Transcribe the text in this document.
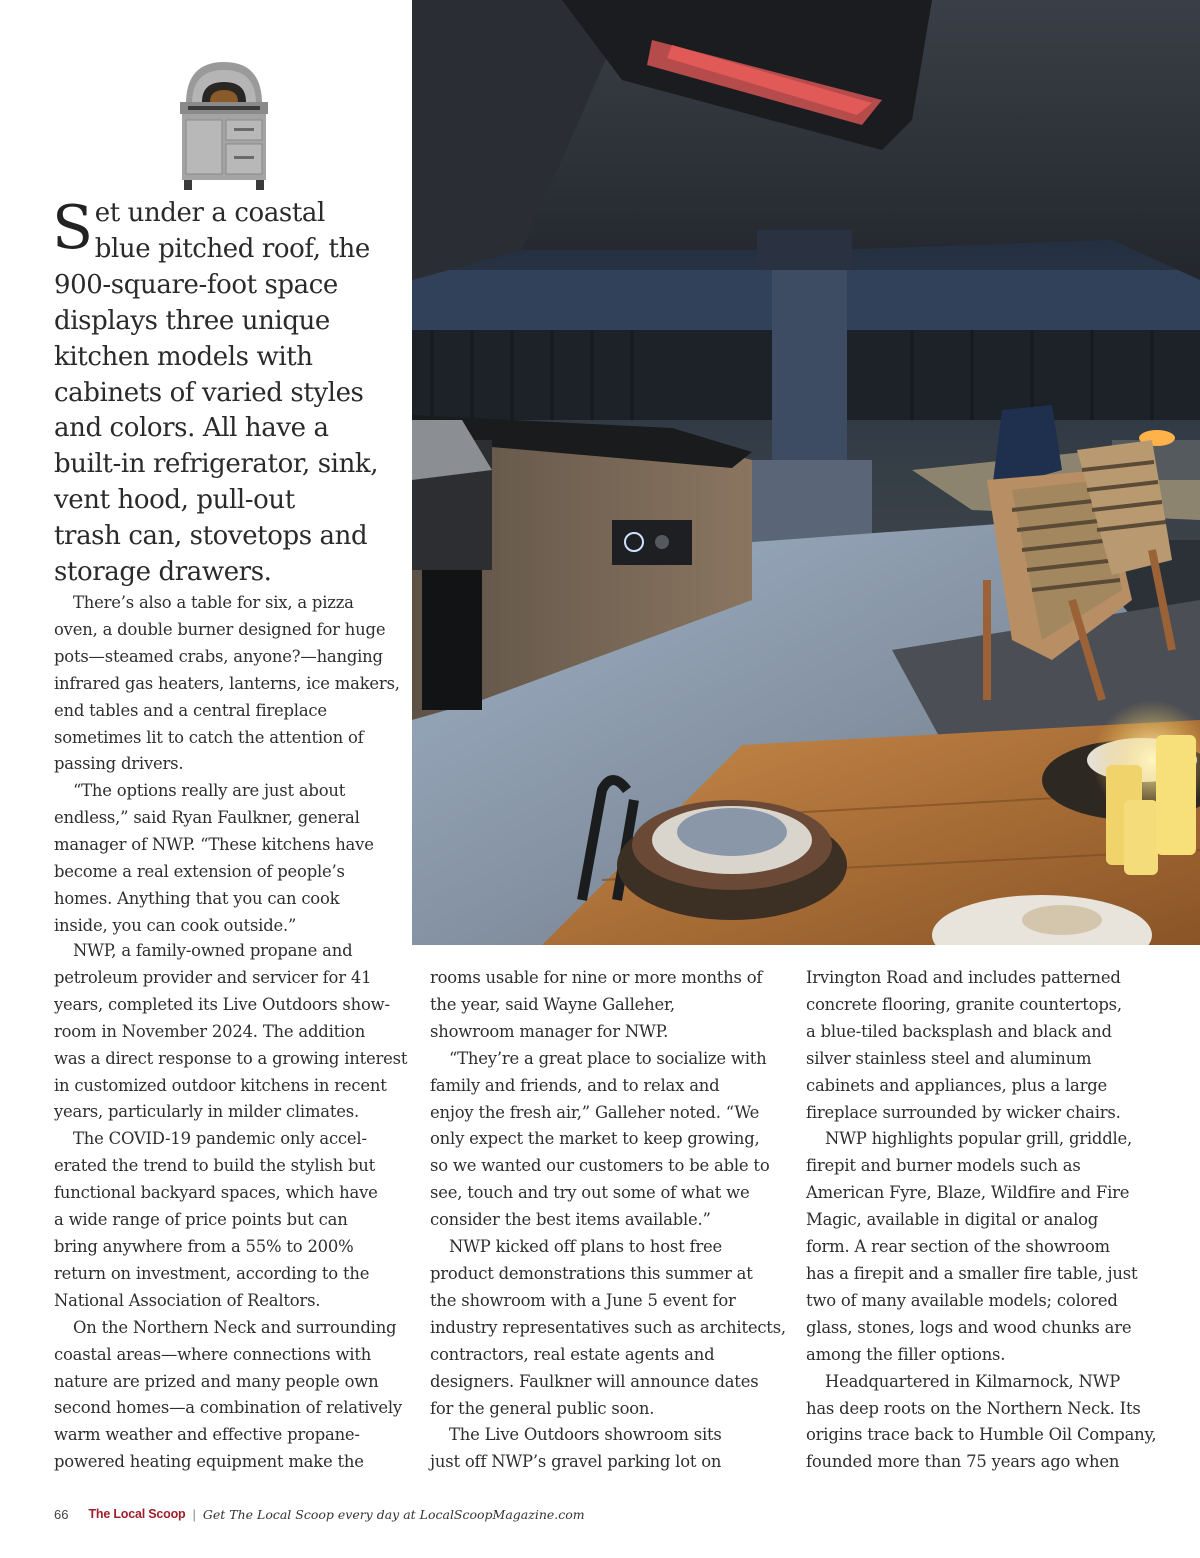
S et under a coastal
blue pitched roof, the
900-square-foot space
displays three unique
kitchen models with
cabinets of varied styles
and colors. All have a
built-in refrigerator, sink,
vent hood, pull-out
trash can, stovetops and
storage drawers.
There’s also a table for six, a pizza
oven, a double burner designed for huge
pots—steamed crabs, anyone?—hanging
infrared gas heaters, lanterns, ice makers,
end tables and a central fireplace
sometimes lit to catch the attention of
passing drivers.
“The options really are just about
endless,” said Ryan Faulkner, general
manager of NWP. “These kitchens have
become a real extension of people’s
homes. Anything that you can cook
inside, you can cook outside.”
NWP, a family-owned propane and
petroleum provider and servicer for 41
years, completed its Live Outdoors show-
room in November 2024. The addition
was a direct response to a growing interest
in customized outdoor kitchens in recent
years, particularly in milder climates.
The COVID-19 pandemic only accel-
erated the trend to build the stylish but
functional backyard spaces, which have
a wide range of price points but can
bring anywhere from a 55% to 200%
return on investment, according to the
National Association of Realtors.
On the Northern Neck and surrounding
coastal areas—where connections with
nature are prized and many people own
second homes—a combination of relatively
warm weather and effective propane-
powered heating equipment make the
rooms usable for nine or more months of
the year, said Wayne Galleher,
showroom manager for NWP.
“They’re a great place to socialize with
family and friends, and to relax and
enjoy the fresh air,” Galleher noted. “We
only expect the market to keep growing,
so we wanted our customers to be able to
see, touch and try out some of what we
consider the best items available.”
NWP kicked off plans to host free
product demonstrations this summer at
the showroom with a June 5 event for
industry representatives such as architects,
contractors, real estate agents and
designers. Faulkner will announce dates
for the general public soon.
The Live Outdoors showroom sits
just off NWP’s gravel parking lot on
Irvington Road and includes patterned
concrete flooring, granite countertops,
a blue-tiled backsplash and black and
silver stainless steel and aluminum
cabinets and appliances, plus a large
fireplace surrounded by wicker chairs.
NWP highlights popular grill, griddle,
firepit and burner models such as
American Fyre, Blaze, Wildfire and Fire
Magic, available in digital or analog
form. A rear section of the showroom
has a firepit and a smaller fire table, just
two of many available models; colored
glass, stones, logs and wood chunks are
among the filler options.
Headquartered in Kilmarnock, NWP
has deep roots on the Northern Neck. Its
origins trace back to Humble Oil Company,
founded more than 75 years ago when
66 The Local Scoop | Get The Local Scoop every day at LocalScoopMagazine.com
